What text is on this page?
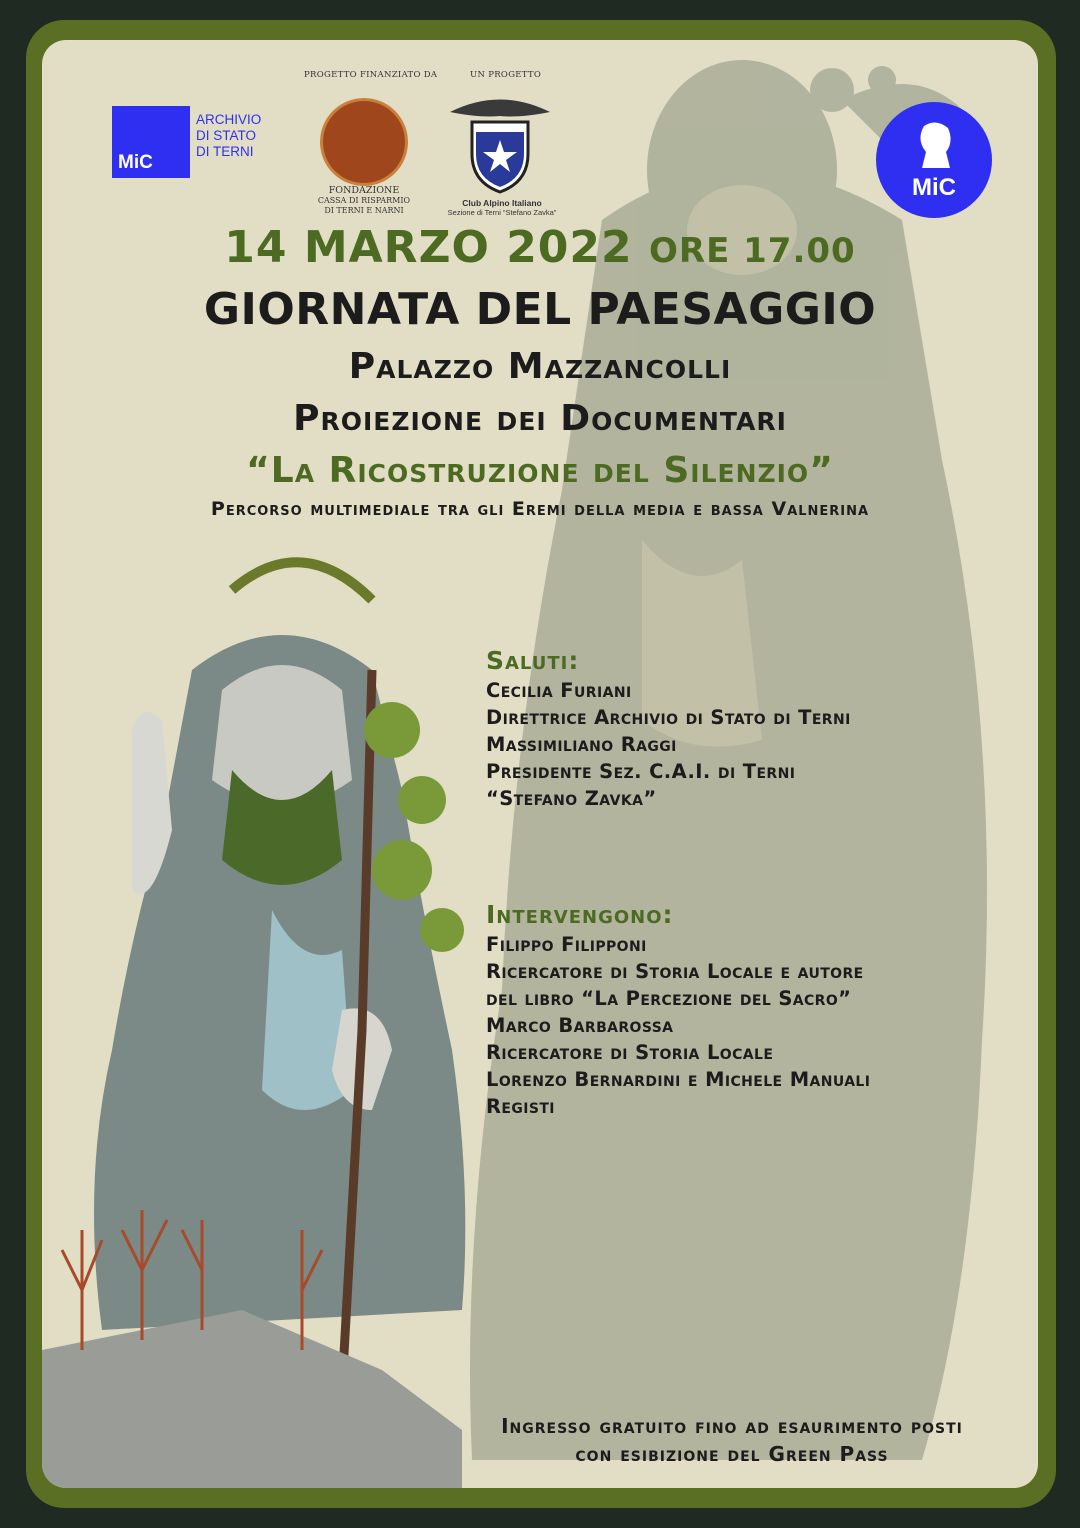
MiC
ARCHIVIO
DI STATO
DI TERNI
PROGETTO FINANZIATO DA	UN PROGETTO
FONDAZIONE
CASSA DI RISPARMIO
DI TERNI E NARNI
Club Alpino Italiano
Sezione di Terni “Stefano Zavka”
MiC
14 MARZO 2022 ORE 17.00
GIORNATA DEL PAESAGGIO
Palazzo Mazzancolli
Proiezione dei Documentari
“La Ricostruzione del Silenzio”
Percorso multimediale tra gli Eremi della media e bassa Valnerina
Saluti:
Cecilia Furiani
Direttrice Archivio di Stato di Terni
Massimiliano Raggi
Presidente Sez. C.A.I. di Terni
“Stefano Zavka”
Intervengono:
Filippo Filipponi
Ricercatore di Storia Locale e autore
del libro “La Percezione del Sacro”
Marco Barbarossa
Ricercatore di Storia Locale
Lorenzo Bernardini e Michele Manuali
Registi
Ingresso gratuito fino ad esaurimento posti
con esibizione del Green Pass
